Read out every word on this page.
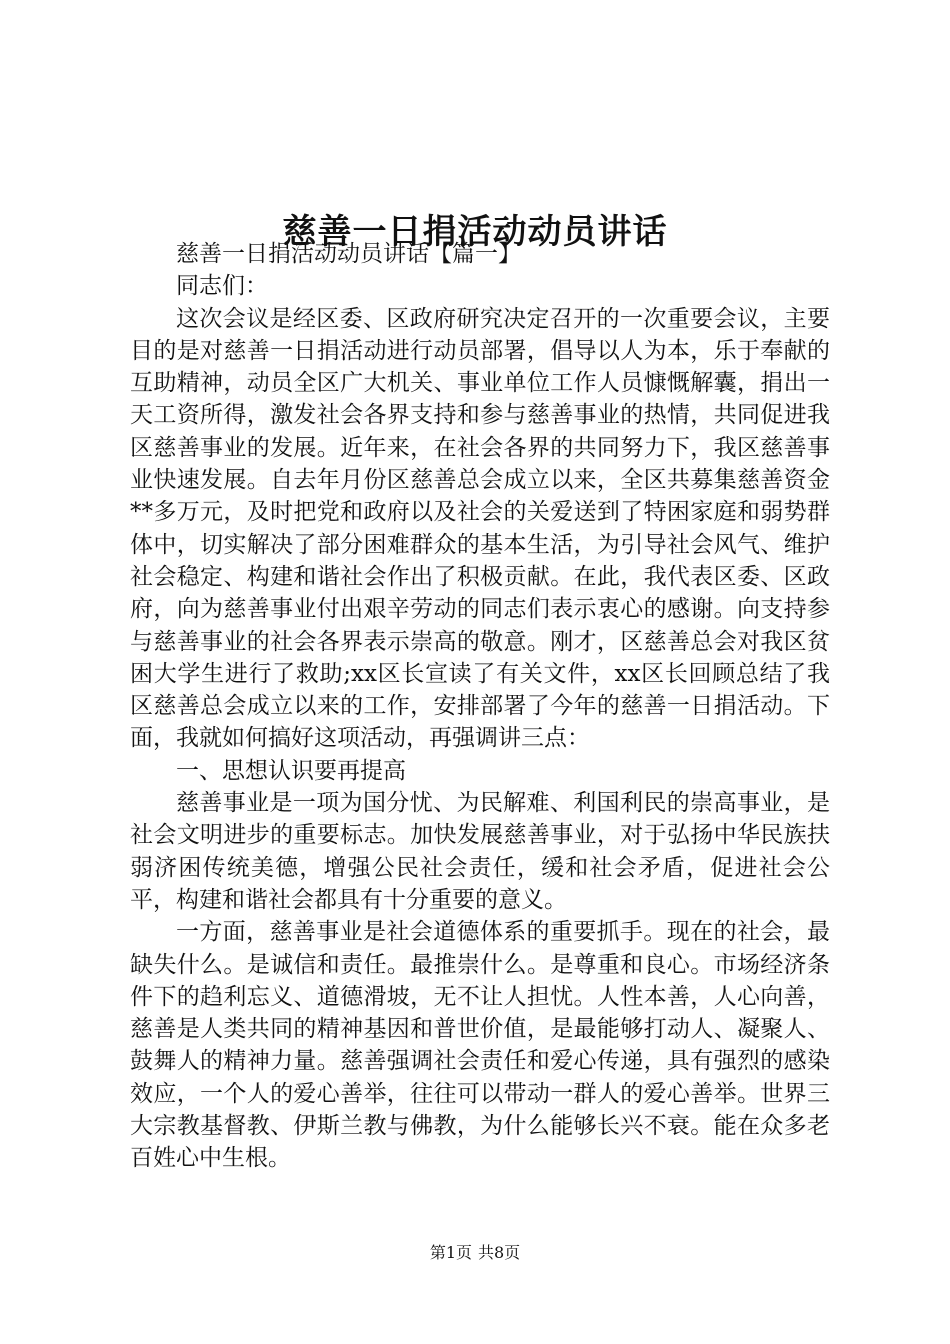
慈善一日捐活动动员讲话

慈善一日捐活动动员讲话【篇一】

同志们：

这次会议是经区委、区政府研究决定召开的一次重要会议，主要目的是对慈善一日捐活动进行动员部署，倡导以人为本，乐于奉献的互助精神，动员全区广大机关、事业单位工作人员慷慨解囊，捐出一天工资所得，激发社会各界支持和参与慈善事业的热情，共同促进我区慈善事业的发展。近年来，在社会各界的共同努力下，我区慈善事业快速发展。自去年月份区慈善总会成立以来，全区共募集慈善资金**多万元，及时把党和政府以及社会的关爱送到了特困家庭和弱势群体中，切实解决了部分困难群众的基本生活，为引导社会风气、维护社会稳定、构建和谐社会作出了积极贡献。在此，我代表区委、区政府，向为慈善事业付出艰辛劳动的同志们表示衷心的感谢。向支持参与慈善事业的社会各界表示崇高的敬意。刚才，区慈善总会对我区贫困大学生进行了救助;xx区长宣读了有关文件，xx区长回顾总结了我区慈善总会成立以来的工作，安排部署了今年的慈善一日捐活动。下面，我就如何搞好这项活动，再强调讲三点：

一、思想认识要再提高

慈善事业是一项为国分忧、为民解难、利国利民的崇高事业，是社会文明进步的重要标志。加快发展慈善事业，对于弘扬中华民族扶弱济困传统美德，增强公民社会责任，缓和社会矛盾，促进社会公平，构建和谐社会都具有十分重要的意义。

一方面，慈善事业是社会道德体系的重要抓手。现在的社会，最缺失什么。是诚信和责任。最推崇什么。是尊重和良心。市场经济条件下的趋利忘义、道德滑坡，无不让人担忧。人性本善，人心向善，慈善是人类共同的精神基因和普世价值，是最能够打动人、凝聚人、鼓舞人的精神力量。慈善强调社会责任和爱心传递，具有强烈的感染效应，一个人的爱心善举，往往可以带动一群人的爱心善举。世界三大宗教基督教、伊斯兰教与佛教，为什么能够长兴不衰。能在众多老百姓心中生根。

第1页 共8页
